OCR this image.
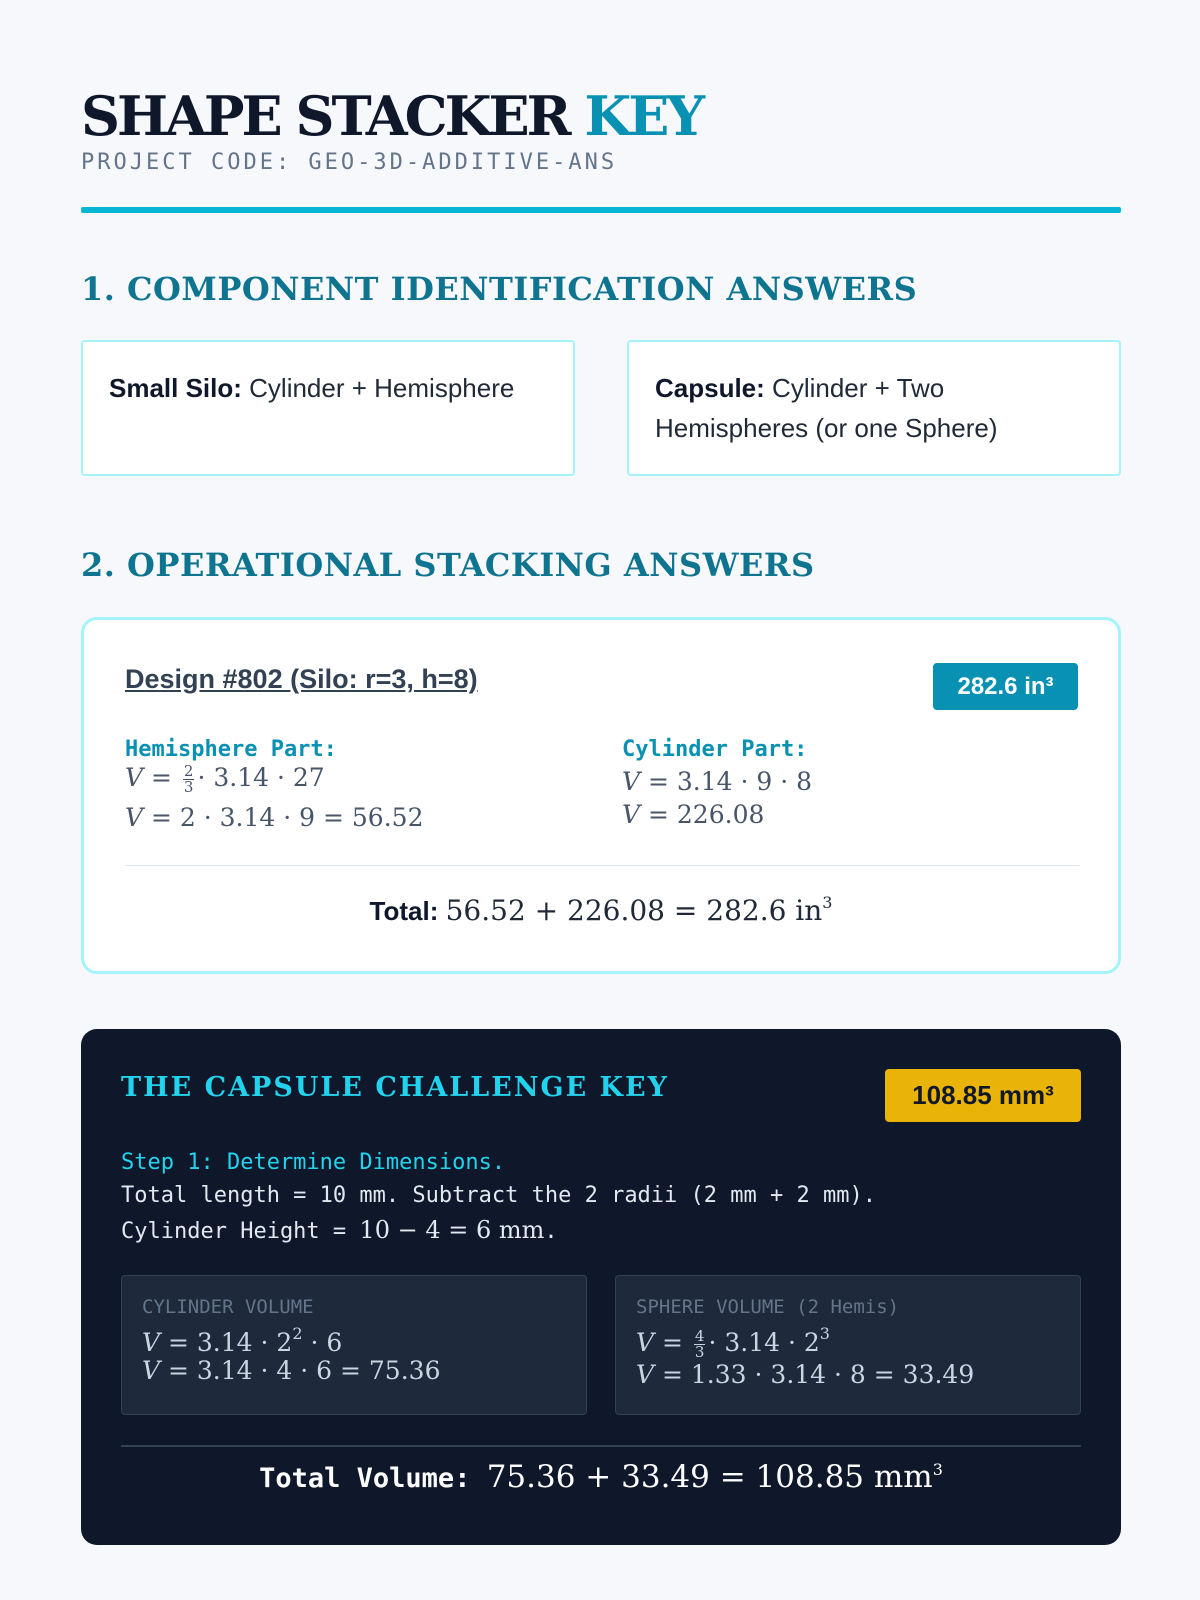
SHAPE STACKER KEY
PROJECT CODE: GEO-3D-ADDITIVE-ANS
1. COMPONENT IDENTIFICATION ANSWERS
Small Silo: Cylinder + Hemisphere	Capsule: Cylinder + Two Hemispheres (or one Sphere)
2. OPERATIONAL STACKING ANSWERS
Design #802 (Silo: r=3, h=8)	282.6 in³
Hemisphere Part:
$V = \frac{2}{3} \cdot 3.14 \cdot 27$
V = 2 · 3.14 · 9 = 56.52
Cylinder Part:
V = 3.14 · 9 · 8
V = 226.08
Total: 56.52 + 226.08 = 282.6 $in^3$
THE CAPSULE CHALLENGE KEY	108.85 mm³
Step 1: Determine Dimensions.
Total length = 10 mm. Subtract the 2 radii (2 mm + 2 mm).
Cylinder Height = 10 − 4 = 6 mm.
CYLINDER VOLUME
$V = 3.14 \cdot 2^2 \cdot 6$
V = 3.14 · 4 · 6 = 75.36
SPHERE VOLUME (2 Hemis)
$V = \frac{4}{3} \cdot 3.14 \cdot 2^3$
V = 1.33 · 3.14 · 8 = 33.49
Total Volume: 75.36 + 33.49 = 108.85 $mm^3$
